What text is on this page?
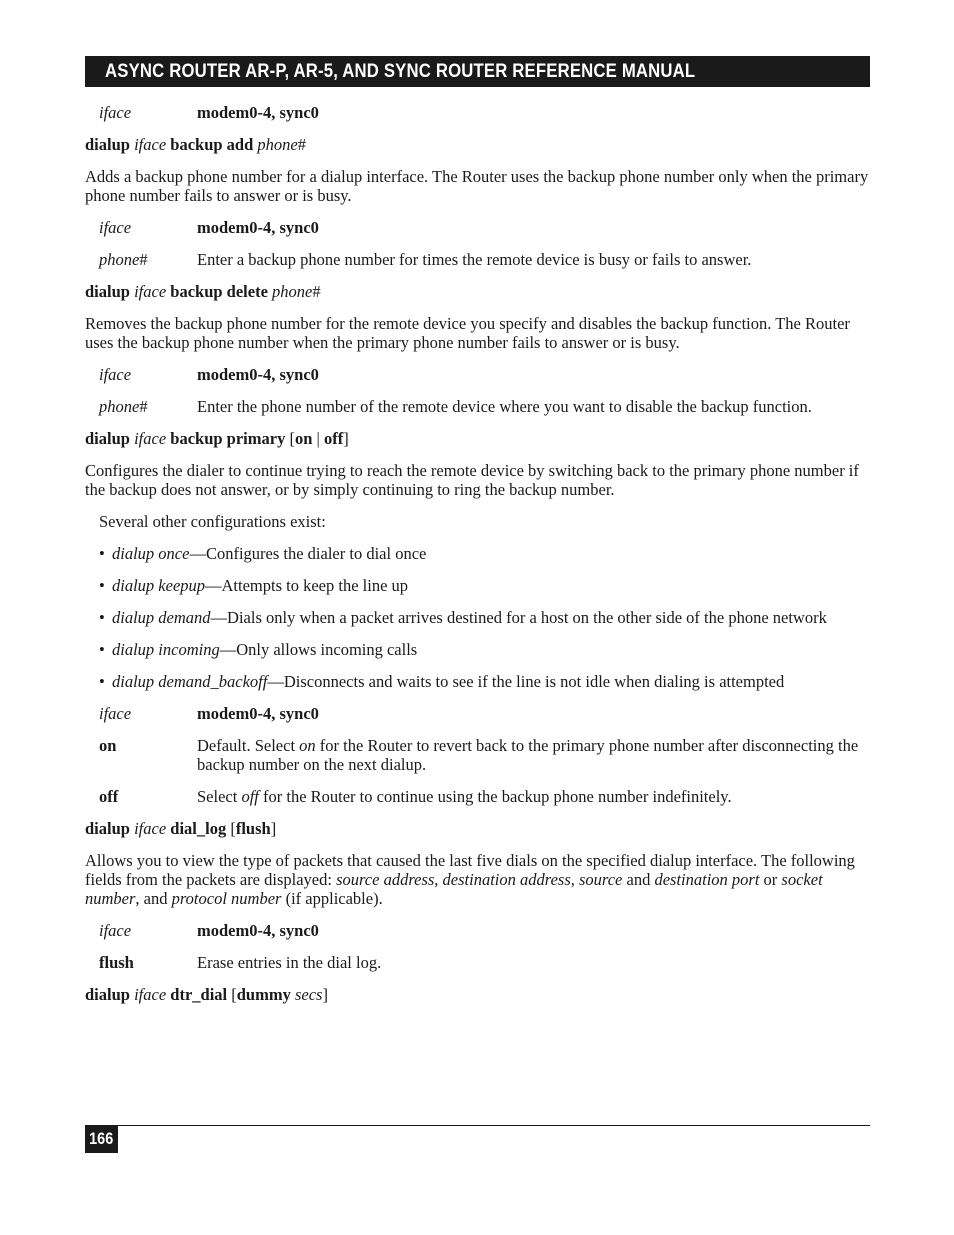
ASYNC ROUTER AR-P, AR-5, AND SYNC ROUTER REFERENCE MANUAL
iface	modem0-4, sync0
dialup iface backup add phone#

Adds a backup phone number for a dialup interface. The Router uses the backup phone number only when the primary phone number fails to answer or is busy.

iface	modem0-4, sync0
phone#	Enter a backup phone number for times the remote device is busy or fails to answer.
dialup iface backup delete phone#

Removes the backup phone number for the remote device you specify and disables the backup function. The Router uses the backup phone number when the primary phone number fails to answer or is busy.

iface	modem0-4, sync0
phone#	Enter the phone number of the remote device where you want to disable the backup function.
dialup iface backup primary [on | off]

Configures the dialer to continue trying to reach the remote device by switching back to the primary phone number if the backup does not answer, or by simply continuing to ring the backup number.

Several other configurations exist:

• dialup once—Configures the dialer to dial once
• dialup keepup—Attempts to keep the line up
• dialup demand—Dials only when a packet arrives destined for a host on the other side of the phone network
• dialup incoming—Only allows incoming calls
• dialup demand_backoff—Disconnects and waits to see if the line is not idle when dialing is attempted
iface	modem0-4, sync0
on	Default. Select on for the Router to revert back to the primary phone number after disconnecting the backup number on the next dialup.
off	Select off for the Router to continue using the backup phone number indefinitely.
dialup iface dial_log [flush]

Allows you to view the type of packets that caused the last five dials on the specified dialup interface. The following fields from the packets are displayed: source address, destination address, source and destination port or socket number, and protocol number (if applicable).

iface	modem0-4, sync0
flush	Erase entries in the dial log.
dialup iface dtr_dial [dummy secs]
166
